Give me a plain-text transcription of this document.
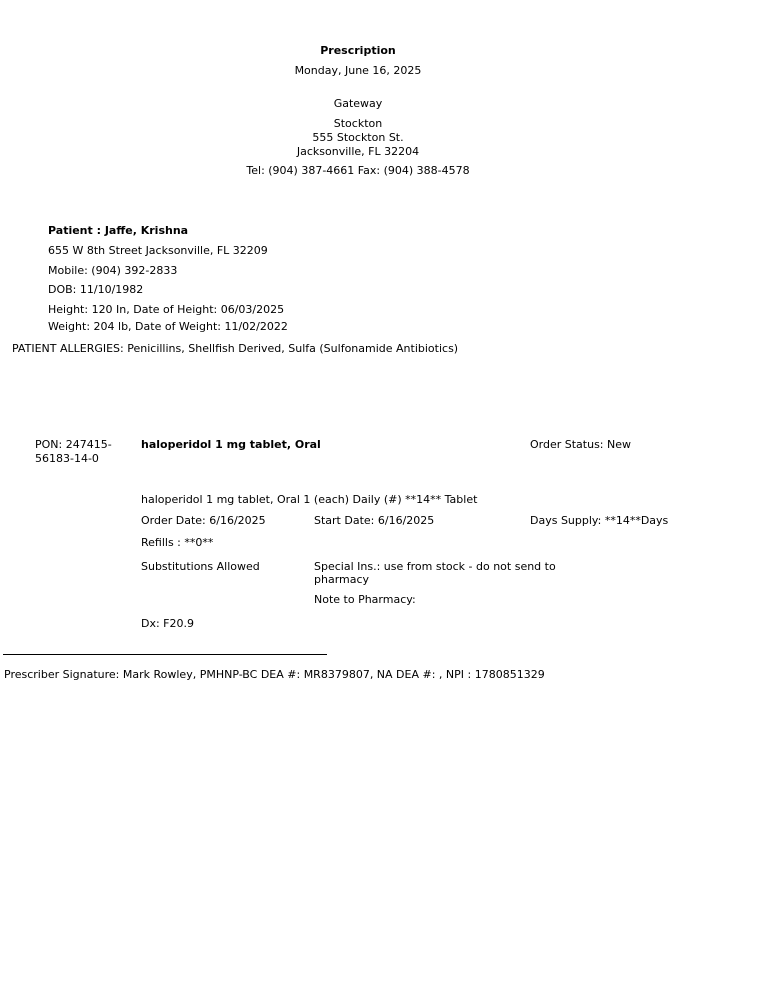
Prescription
Monday, June 16, 2025
Gateway
Stockton
555 Stockton St.
Jacksonville, FL 32204
Tel: (904) 387-4661 Fax: (904) 388-4578
Patient : Jaffe, Krishna
655 W 8th Street Jacksonville, FL 32209
Mobile: (904) 392-2833
DOB: 11/10/1982
Height: 120 In, Date of Height: 06/03/2025
Weight: 204 lb, Date of Weight: 11/02/2022
PATIENT ALLERGIES: Penicillins, Shellfish Derived, Sulfa (Sulfonamide Antibiotics)
PON: 247415-
56183-14-0
haloperidol 1 mg tablet, Oral	Order Status: New
haloperidol 1 mg tablet, Oral 1 (each) Daily (#) **14** Tablet
Order Date: 6/16/2025	Start Date: 6/16/2025	Days Supply: **14**Days
Refills : **0**
Substitutions Allowed	Special Ins.: use from stock - do not send to
pharmacy
Note to Pharmacy:
Dx: F20.9
Prescriber Signature: Mark Rowley, PMHNP-BC DEA #: MR8379807, NA DEA #: , NPI : 1780851329
